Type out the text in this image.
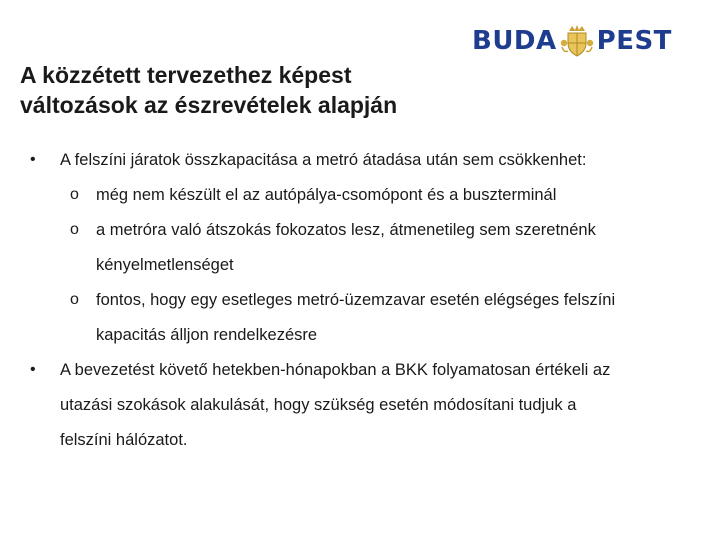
BUDA PEST
A közzétett tervezethez képest
változások az észrevételek alapján
• A felszíni járatok összkapacitása a metró átadása után sem csökkenhet:
o még nem készült el az autópálya-csomópont és a buszterminál
o a metróra való átszokás fokozatos lesz, átmenetileg sem szeretnénk
kényelmetlenséget
o fontos, hogy egy esetleges metró-üzemzavar esetén elégséges felszíni
kapacitás álljon rendelkezésre
• A bevezetést követő hetekben-hónapokban a BKK folyamatosan értékeli az
utazási szokások alakulását, hogy szükség esetén módosítani tudjuk a
felszíni hálózatot.
